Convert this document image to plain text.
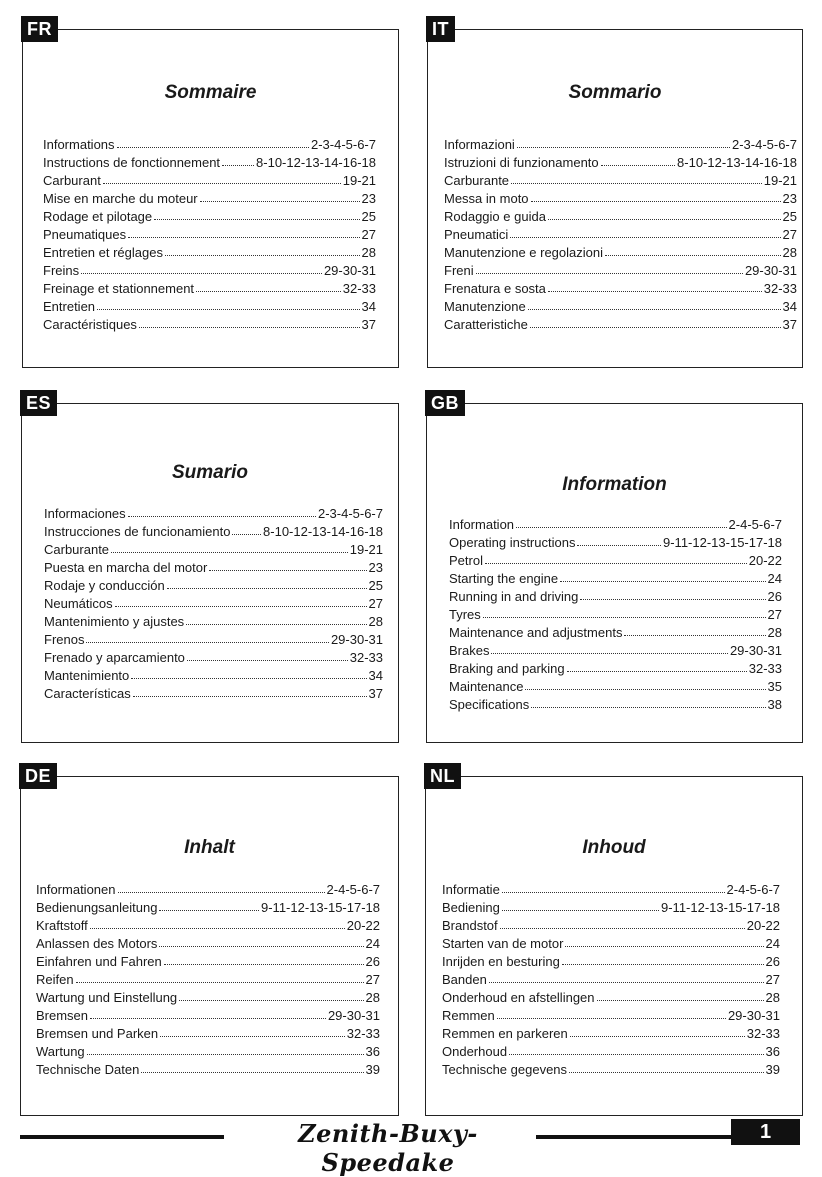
FR
Sommaire
Informations	2-3-4-5-6-7
Instructions de fonctionnement	8-10-12-13-14-16-18
Carburant	19-21
Mise en marche du moteur	23
Rodage et pilotage	25
Pneumatiques	27
Entretien et réglages	28
Freins	29-30-31
Freinage et stationnement	32-33
Entretien	34
Caractéristiques	37
IT
Sommario
Informazioni	2-3-4-5-6-7
Istruzioni di funzionamento	8-10-12-13-14-16-18
Carburante	19-21
Messa in moto	23
Rodaggio e guida	25
Pneumatici	27
Manutenzione e regolazioni	28
Freni	29-30-31
Frenatura e sosta	32-33
Manutenzione	34
Caratteristiche	37
ES
Sumario
Informaciones	2-3-4-5-6-7
Instrucciones de funcionamiento	8-10-12-13-14-16-18
Carburante	19-21
Puesta en marcha del motor	23
Rodaje y conducción	25
Neumáticos	27
Mantenimiento y ajustes	28
Frenos	29-30-31
Frenado y aparcamiento	32-33
Mantenimiento	34
Características	37
GB
Information
Information	2-4-5-6-7
Operating instructions	9-11-12-13-15-17-18
Petrol	20-22
Starting the engine	24
Running in and driving	26
Tyres	27
Maintenance and adjustments	28
Brakes	29-30-31
Braking and parking	32-33
Maintenance	35
Specifications	38
DE
Inhalt
Informationen	2-4-5-6-7
Bedienungsanleitung	9-11-12-13-15-17-18
Kraftstoff	20-22
Anlassen des Motors	24
Einfahren und Fahren	26
Reifen	27
Wartung und Einstellung	28
Bremsen	29-30-31
Bremsen und Parken	32-33
Wartung	36
Technische Daten	39
NL
Inhoud
Informatie	2-4-5-6-7
Bediening	9-11-12-13-15-17-18
Brandstof	20-22
Starten van de motor	24
Inrijden en besturing	26
Banden	27
Onderhoud en afstellingen	28
Remmen	29-30-31
Remmen en parkeren	32-33
Onderhoud	36
Technische gegevens	39
Zenith-Buxy-Speedake
1
